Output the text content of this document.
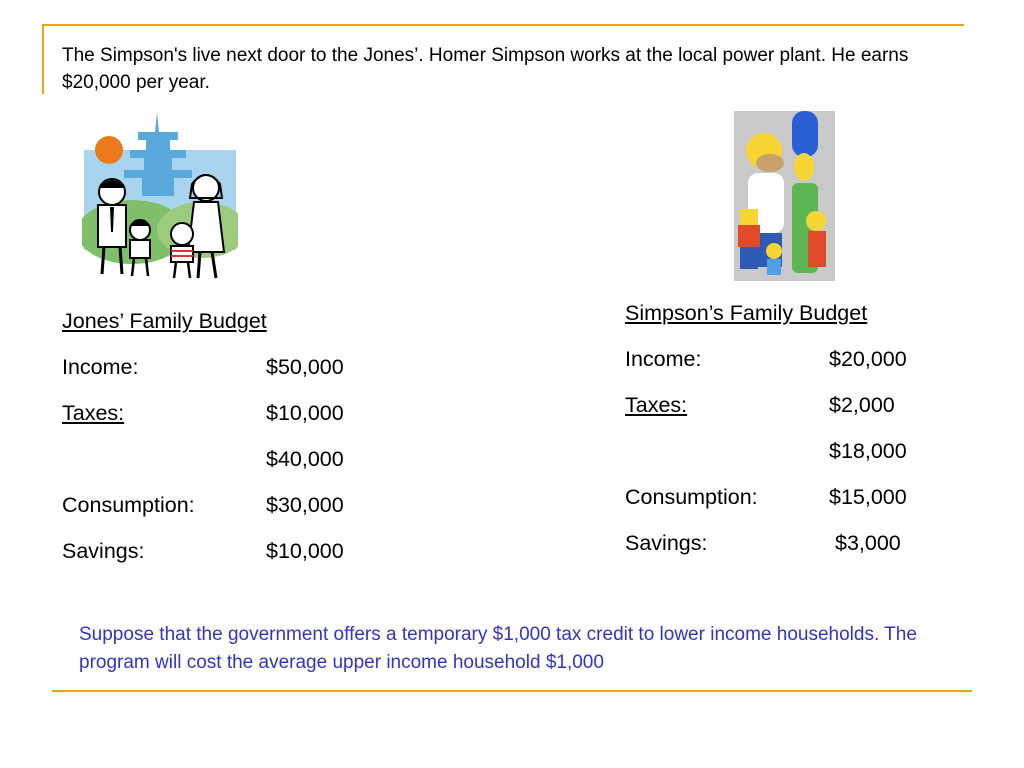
The Simpson's live next door to the Jones’. Homer Simpson works at the local power plant. He earns $20,000 per year.
Jones’ Family Budget
Income:	$50,000
Taxes:	$10,000
$40,000
Consumption:	$30,000
Savings:	$10,000
Simpson’s Family Budget
Income:	$20,000
Taxes:	$2,000
$18,000
Consumption:	$15,000
Savings:	$3,000
Suppose that the government offers a temporary $1,000 tax credit to lower income households. The program will cost the average upper income household $1,000
